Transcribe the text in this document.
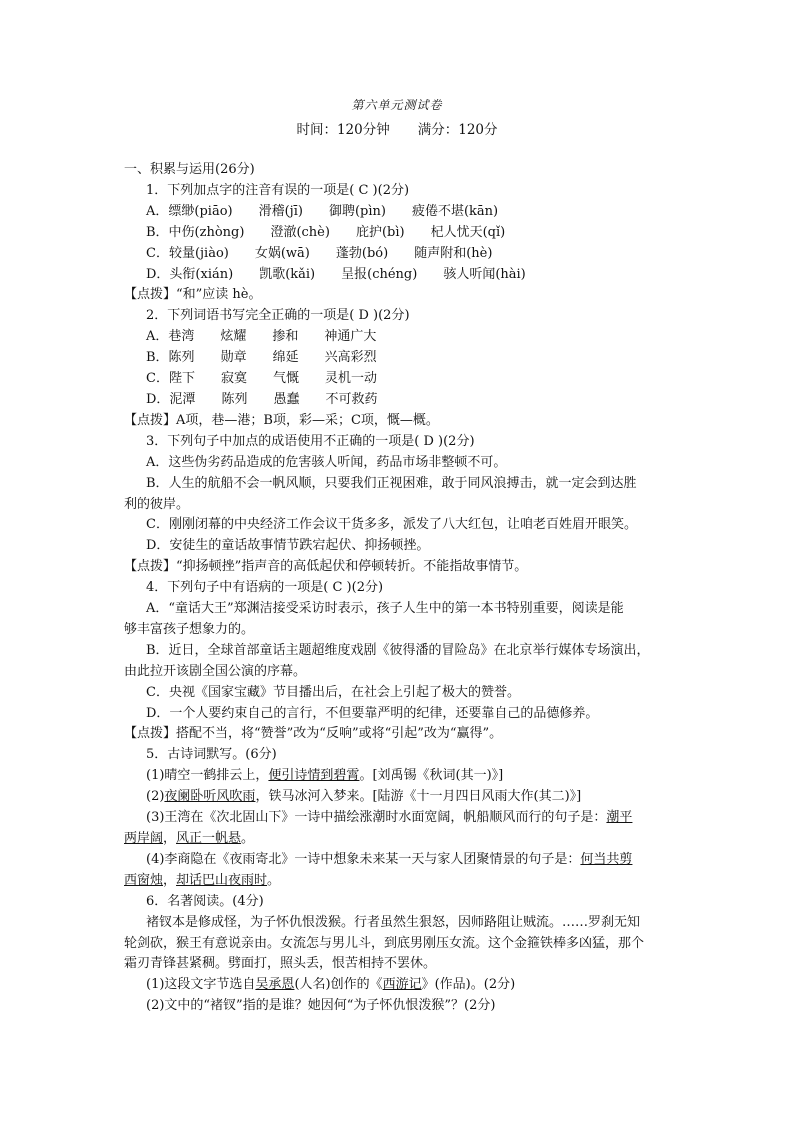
第六单元测试卷
时间：120分钟 满分：120分
一、积累与运用(26分)
1．下列加点字的注音有误的一项是( C )(2分)
A．缥缈(piāo) 滑稽(jī) 御聘(pìn) 疲倦不堪(kān)
B．中伤(zhòng) 澄澈(chè) 庇护(bì) 杞人忧天(qǐ)
C．较量(jiào) 女娲(wā) 蓬勃(bó) 随声附和(hè)
D．头衔(xián) 凯歌(kǎi) 呈报(chéng) 骇人听闻(hài)
【点拨】“和”应读 hè。
2．下列词语书写完全正确的一项是( D )(2分)
A．巷湾 炫耀 掺和 神通广大
B．陈列 勋章 绵延 兴高彩烈
C．陛下 寂寞 气慨 灵机一动
D．泥潭 陈列 愚蠢 不可救药
【点拨】A项，巷—港；B项，彩—采；C项，慨—概。
3．下列句子中加点的成语使用不正确的一项是( D )(2分)
A．这些伪劣药品造成的危害骇人听闻，药品市场非整顿不可。
B．人生的航船不会一帆风顺，只要我们正视困难，敢于同风浪搏击，就一定会到达胜
利的彼岸。
C．刚刚闭幕的中央经济工作会议干货多多，派发了八大红包，让咱老百姓眉开眼笑。
D．安徒生的童话故事情节跌宕起伏、抑扬顿挫。
【点拨】“抑扬顿挫”指声音的高低起伏和停顿转折。不能指故事情节。
4．下列句子中有语病的一项是( C )(2分)
A．“童话大王”郑渊洁接受采访时表示，孩子人生中的第一本书特别重要，阅读是能
够丰富孩子想象力的。
B．近日，全球首部童话主题超维度戏剧《彼得潘的冒险岛》在北京举行媒体专场演出，
由此拉开该剧全国公演的序幕。
C．央视《国家宝藏》节目播出后，在社会上引起了极大的赞誉。
D．一个人要约束自己的言行，不但要靠严明的纪律，还要靠自己的品德修养。
【点拨】搭配不当，将“赞誉”改为“反响”或将“引起”改为“赢得”。
5．古诗词默写。(6分)
(1)晴空一鹤排云上，便引诗情到碧霄。[刘禹锡《秋词(其一)》]
(2)夜阑卧听风吹雨，铁马冰河入梦来。[陆游《十一月四日风雨大作(其二)》]
(3)王湾在《次北固山下》一诗中描绘涨潮时水面宽阔，帆船顺风而行的句子是：潮平
两岸阔，风正一帆悬。
(4)李商隐在《夜雨寄北》一诗中想象未来某一天与家人团聚情景的句子是：何当共剪
西窗烛，却话巴山夜雨时。
6．名著阅读。(4分)
褚钗本是修成怪，为子怀仇恨泼猴。行者虽然生狠怒，因师路阻让贼流。……罗刹无知
轮剑砍，猴王有意说亲由。女流怎与男儿斗，到底男刚压女流。这个金箍铁棒多凶猛，那个
霜刃青锋甚紧稠。劈面打，照头丢，恨苦相持不罢休。
(1)这段文字节选自吴承恩(人名)创作的《西游记》(作品)。(2分)
(2)文中的“褚钗”指的是谁？她因何“为子怀仇恨泼猴”？(2分)
